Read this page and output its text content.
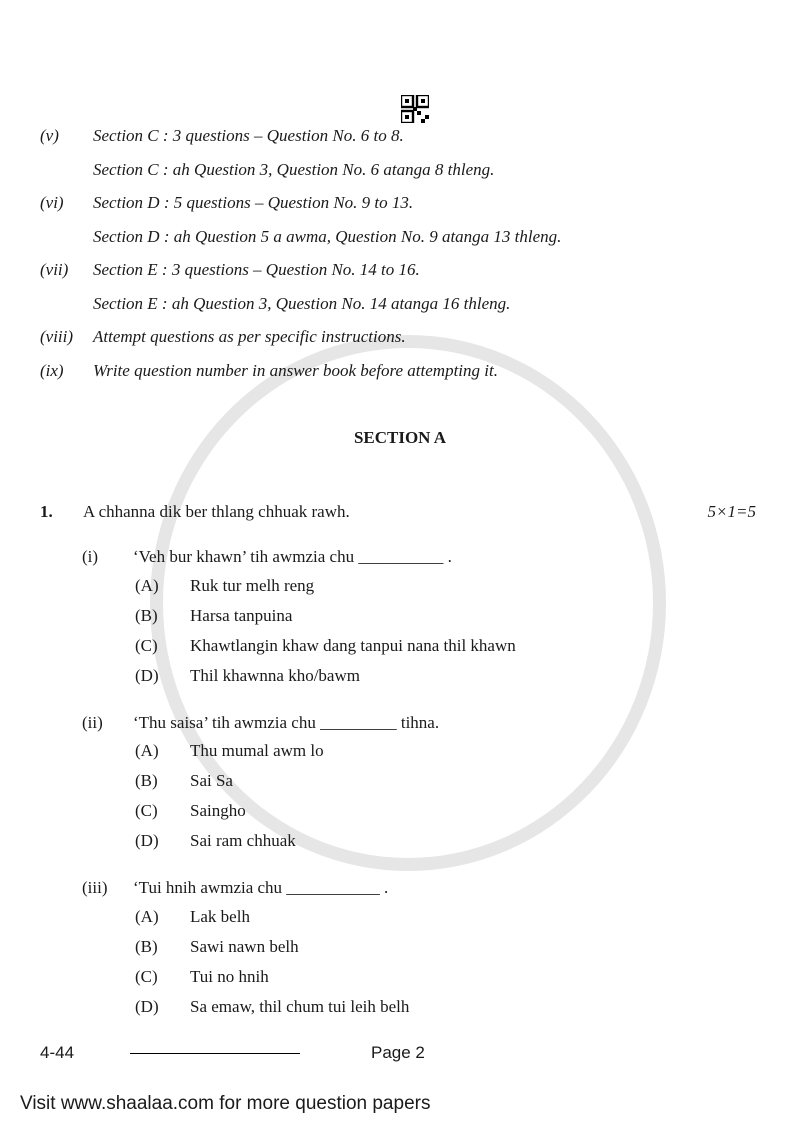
(v) Section C : 3 questions – Question No. 6 to 8.
Section C : ah Question 3, Question No. 6 atanga 8 thleng.
(vi) Section D : 5 questions – Question No. 9 to 13.
Section D : ah Question 5 a awma, Question No. 9 atanga 13 thleng.
(vii) Section E : 3 questions – Question No. 14 to 16.
Section E : ah Question 3, Question No. 14 atanga 16 thleng.
(viii) Attempt questions as per specific instructions.
(ix) Write question number in answer book before attempting it.
SECTION A
1. A chhanna dik ber thlang chhuak rawh.	5×1=5
(i) ‘Veh bur khawn’ tih awmzia chu __________ .
(A) Ruk tur melh reng
(B) Harsa tanpuina
(C) Khawtlangin khaw dang tanpui nana thil khawn
(D) Thil khawnna kho/bawm
(ii) ‘Thu saisa’ tih awmzia chu _________ tihna.
(A) Thu mumal awm lo
(B) Sai Sa
(C) Saingho
(D) Sai ram chhuak
(iii) ‘Tui hnih awmzia chu ___________ .
(A) Lak belh
(B) Sawi nawn belh
(C) Tui no hnih
(D) Sa emaw, thil chum tui leih belh
4-44	Page 2
Visit www.shaalaa.com for more question papers
